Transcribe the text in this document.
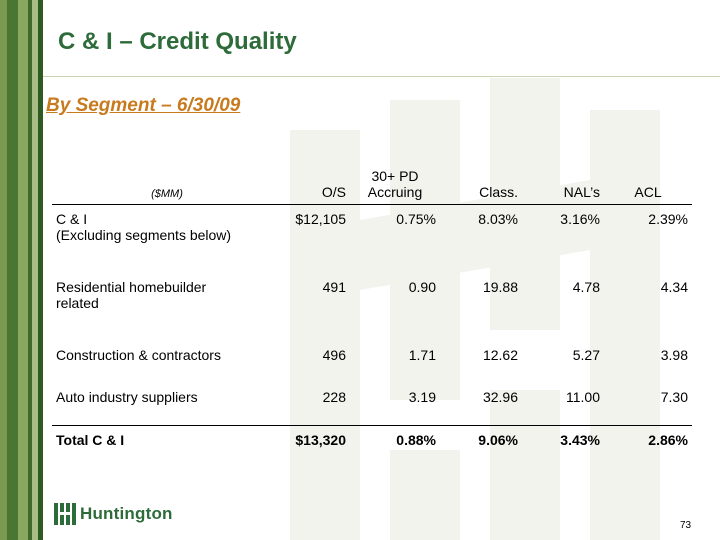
C & I – Credit Quality
By Segment – 6/30/09
($MM)	O/S	30+ PD Accruing	Class.	NAL’s	ACL
C & I
(Excluding segments below)	$12,105	0.75%	8.03%	3.16%	2.39%
Residential homebuilder
related	491	0.90	19.88	4.78	4.34
Construction & contractors	496	1.71	12.62	5.27	3.98
Auto industry suppliers	228	3.19	32.96	11.00	7.30
Total C & I	$13,320	0.88%	9.06%	3.43%	2.86%
Huntington
73
